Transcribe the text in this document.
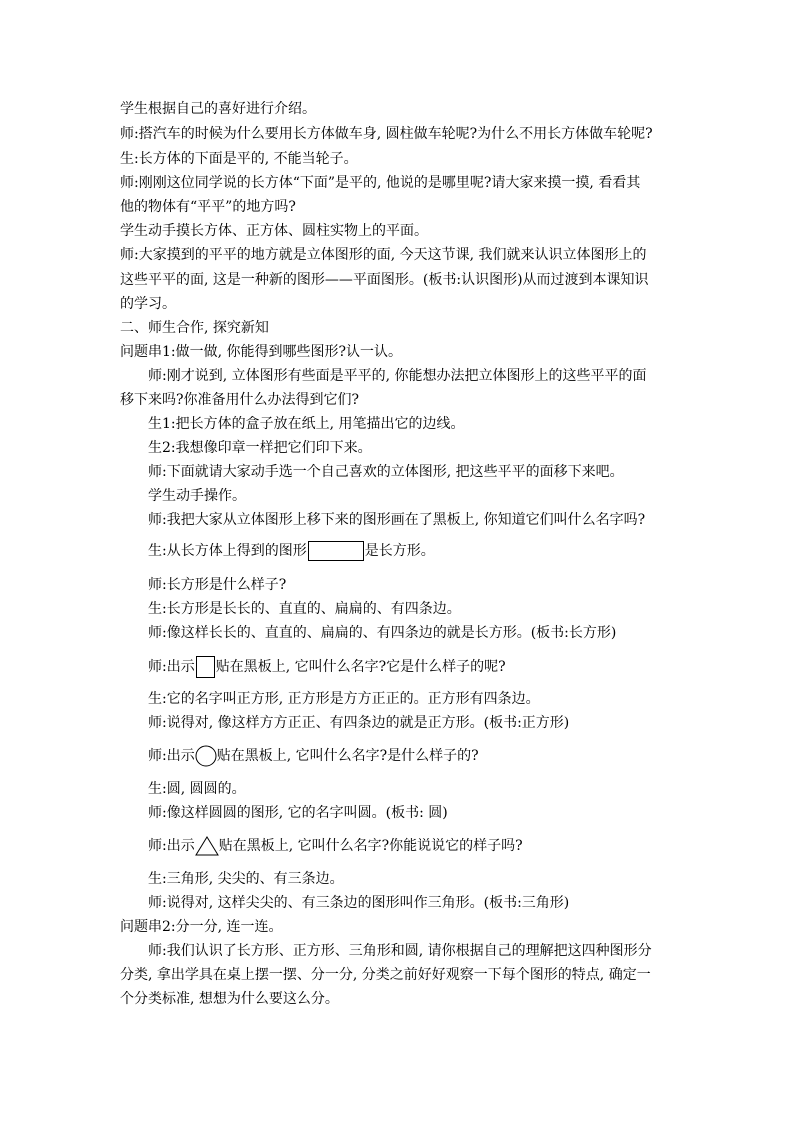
学生根据自己的喜好进行介绍。
师:搭汽车的时候为什么要用长方体做车身, 圆柱做车轮呢?为什么不用长方体做车轮呢?
生:长方体的下面是平的, 不能当轮子。
师:刚刚这位同学说的长方体“下面”是平的, 他说的是哪里呢?请大家来摸一摸, 看看其
他的物体有“平平”的地方吗?
学生动手摸长方体、正方体、圆柱实物上的平面。
师:大家摸到的平平的地方就是立体图形的面, 今天这节课, 我们就来认识立体图形上的
这些平平的面, 这是一种新的图形——平面图形。(板书:认识图形)从而过渡到本课知识
的学习。
二、师生合作, 探究新知
问题串1:做一做, 你能得到哪些图形?认一认。
师:刚才说到, 立体图形有些面是平平的, 你能想办法把立体图形上的这些平平的面
移下来吗?你准备用什么办法得到它们?
生1:把长方体的盒子放在纸上, 用笔描出它的边线。
生2:我想像印章一样把它们印下来。
师:下面就请大家动手选一个自己喜欢的立体图形, 把这些平平的面移下来吧。
学生动手操作。
师:我把大家从立体图形上移下来的图形画在了黑板上, 你知道它们叫什么名字吗?
生:从长方体上得到的图形	是长方形。
师:长方形是什么样子?
生:长方形是长长的、直直的、扁扁的、有四条边。
师:像这样长长的、直直的、扁扁的、有四条边的就是长方形。(板书:长方形)
师:出示 贴在黑板上, 它叫什么名字?它是什么样子的呢?
生:它的名字叫正方形, 正方形是方方正正的。正方形有四条边。
师:说得对, 像这样方方正正、有四条边的就是正方形。(板书:正方形)
师:出示 贴在黑板上, 它叫什么名字?是什么样子的?
生:圆, 圆圆的。
师:像这样圆圆的图形, 它的名字叫圆。(板书: 圆)
师:出示 贴在黑板上, 它叫什么名字?你能说说它的样子吗?
生:三角形, 尖尖的、有三条边。
师:说得对, 这样尖尖的、有三条边的图形叫作三角形。(板书:三角形)
问题串2:分一分, 连一连。
师:我们认识了长方形、正方形、三角形和圆, 请你根据自己的理解把这四种图形分
分类, 拿出学具在桌上摆一摆、分一分, 分类之前好好观察一下每个图形的特点, 确定一
个分类标准, 想想为什么要这么分。
